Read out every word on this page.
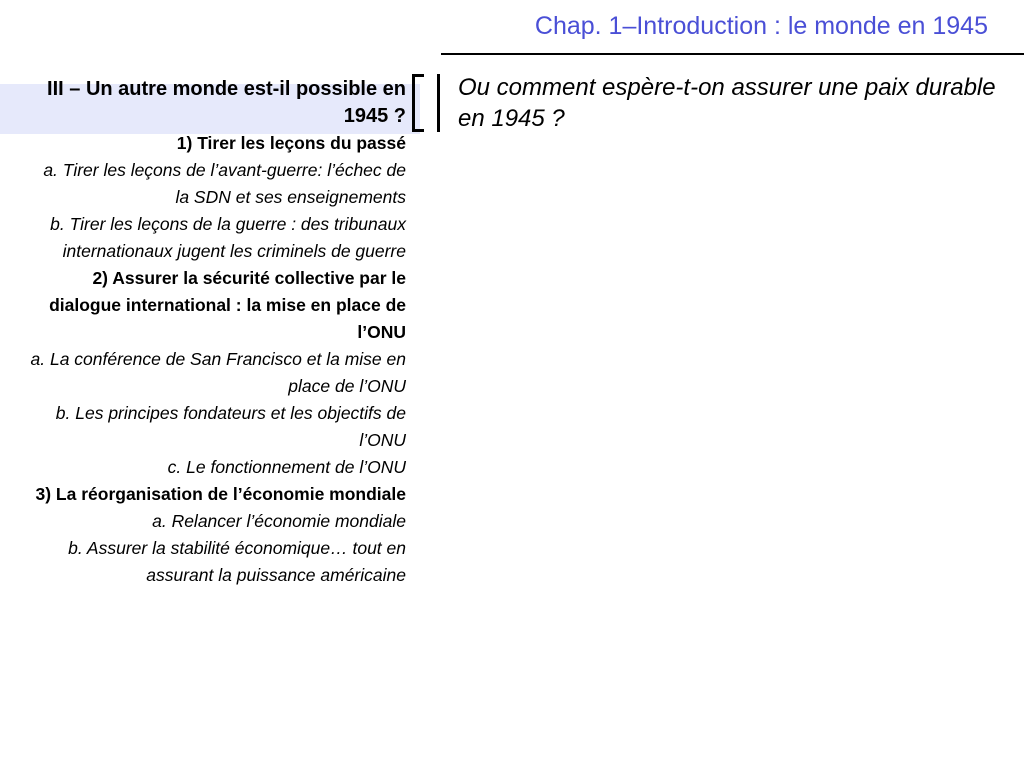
Chap. 1–Introduction : le monde en 1945
III – Un autre monde est-il possible en 1945 ?
1) Tirer les leçons du passé
a. Tirer les leçons de l’avant-guerre: l’échec de la SDN et ses enseignements
b. Tirer les leçons de la guerre : des tribunaux internationaux jugent les criminels de guerre
2) Assurer la sécurité collective par le dialogue international : la mise en place de l’ONU
a. La conférence de San Francisco et la mise en place de l’ONU
b. Les principes fondateurs et les objectifs de l’ONU
c. Le fonctionnement de l’ONU
3) La réorganisation de l’économie mondiale
a. Relancer l’économie mondiale
b. Assurer la stabilité économique… tout en assurant la puissance américaine
Ou comment espère-t-on assurer une paix durable en 1945 ?
